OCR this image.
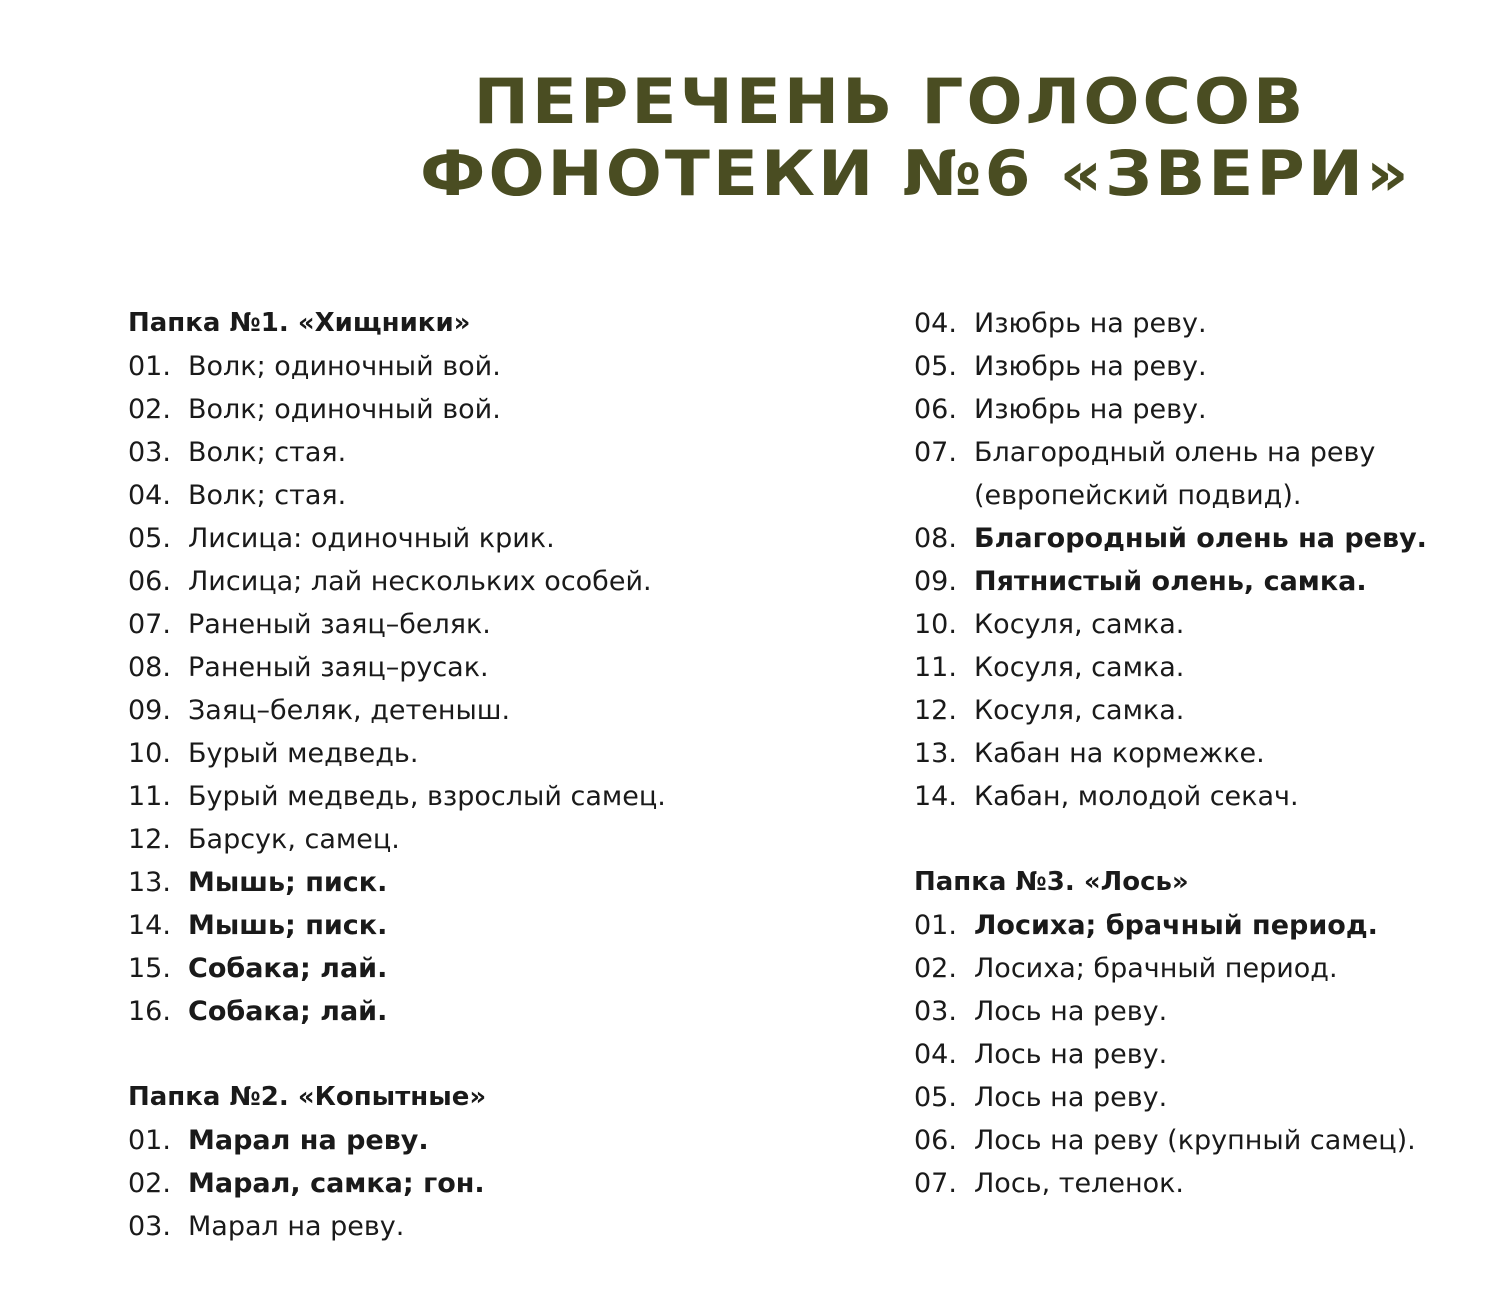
ПЕРЕЧЕНЬ ГОЛОСОВ
ФОНОТЕКИ №6 «ЗВЕРИ»
Папка №1. «Хищники»
01. Волк; одиночный вой.
02. Волк; одиночный вой.
03. Волк; стая.
04. Волк; стая.
05. Лисица: одиночный крик.
06. Лисица; лай нескольких особей.
07. Раненый заяц–беляк.
08. Раненый заяц–русак.
09. Заяц–беляк, детеныш.
10. Бурый медведь.
11. Бурый медведь, взрослый самец.
12. Барсук, самец.
13. Мышь; писк.
14. Мышь; писк.
15. Собака; лай.
16. Собака; лай.
Папка №2. «Копытные»
01. Марал на реву.
02. Марал, самка; гон.
03. Марал на реву.
04. Изюбрь на реву.
05. Изюбрь на реву.
06. Изюбрь на реву.
07. Благородный олень на реву (европейский подвид).
08. Благородный олень на реву.
09. Пятнистый олень, самка.
10. Косуля, самка.
11. Косуля, самка.
12. Косуля, самка.
13. Кабан на кормежке.
14. Кабан, молодой секач.
Папка №3. «Лось»
01. Лосиха; брачный период.
02. Лосиха; брачный период.
03. Лось на реву.
04. Лось на реву.
05. Лось на реву.
06. Лось на реву (крупный самец).
07. Лось, теленок.
